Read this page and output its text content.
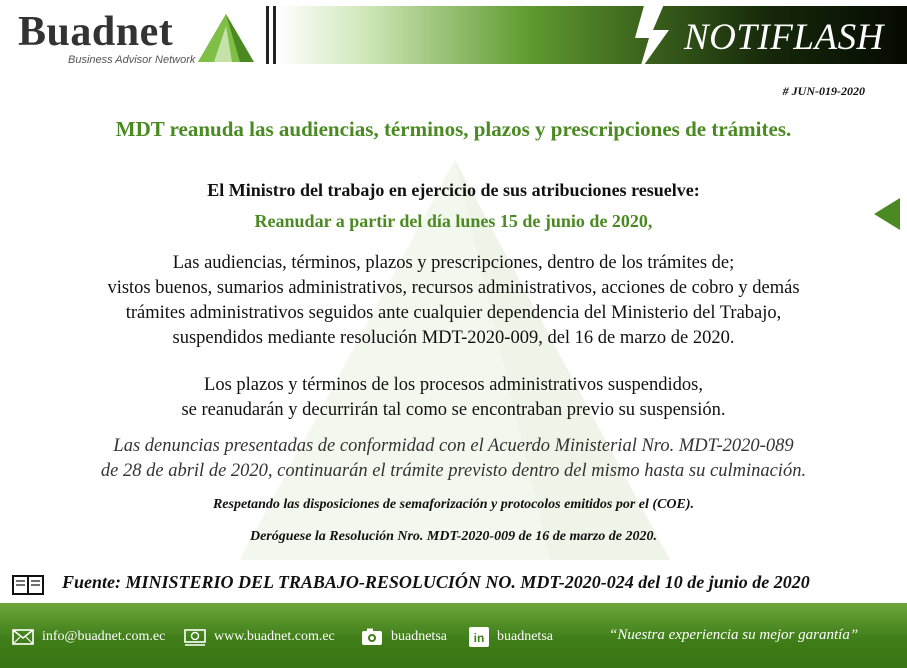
Buadnet
Business Advisor Network
NOTIFLASH
# JUN-019-2020
MDT reanuda las audiencias, términos, plazos y prescripciones de trámites.
El Ministro del trabajo en ejercicio de sus atribuciones resuelve:
Reanudar a partir del día lunes 15 de junio de 2020,
Las audiencias, términos, plazos y prescripciones, dentro de los trámites de;
vistos buenos, sumarios administrativos, recursos administrativos, acciones de cobro y demás
trámites administrativos seguidos ante cualquier dependencia del Ministerio del Trabajo,
suspendidos mediante resolución MDT-2020-009, del 16 de marzo de 2020.
Los plazos y términos de los procesos administrativos suspendidos,
se reanudarán y decurrirán tal como se encontraban previo su suspensión.
Las denuncias presentadas de conformidad con el Acuerdo Ministerial Nro. MDT-2020-089
de 28 de abril de 2020, continuarán el trámite previsto dentro del mismo hasta su culminación.
Respetando las disposiciones de semaforización y protocolos emitidos por el (COE).
Deróguese la Resolución Nro. MDT-2020-009 de 16 de marzo de 2020.
Fuente: MINISTERIO DEL TRABAJO-RESOLUCIÓN NO. MDT-2020-024 del 10 de junio de 2020
info@buadnet.com.ec	www.buadnet.com.ec	buadnetsa in buadnetsa	“Nuestra experiencia su mejor garantía”
